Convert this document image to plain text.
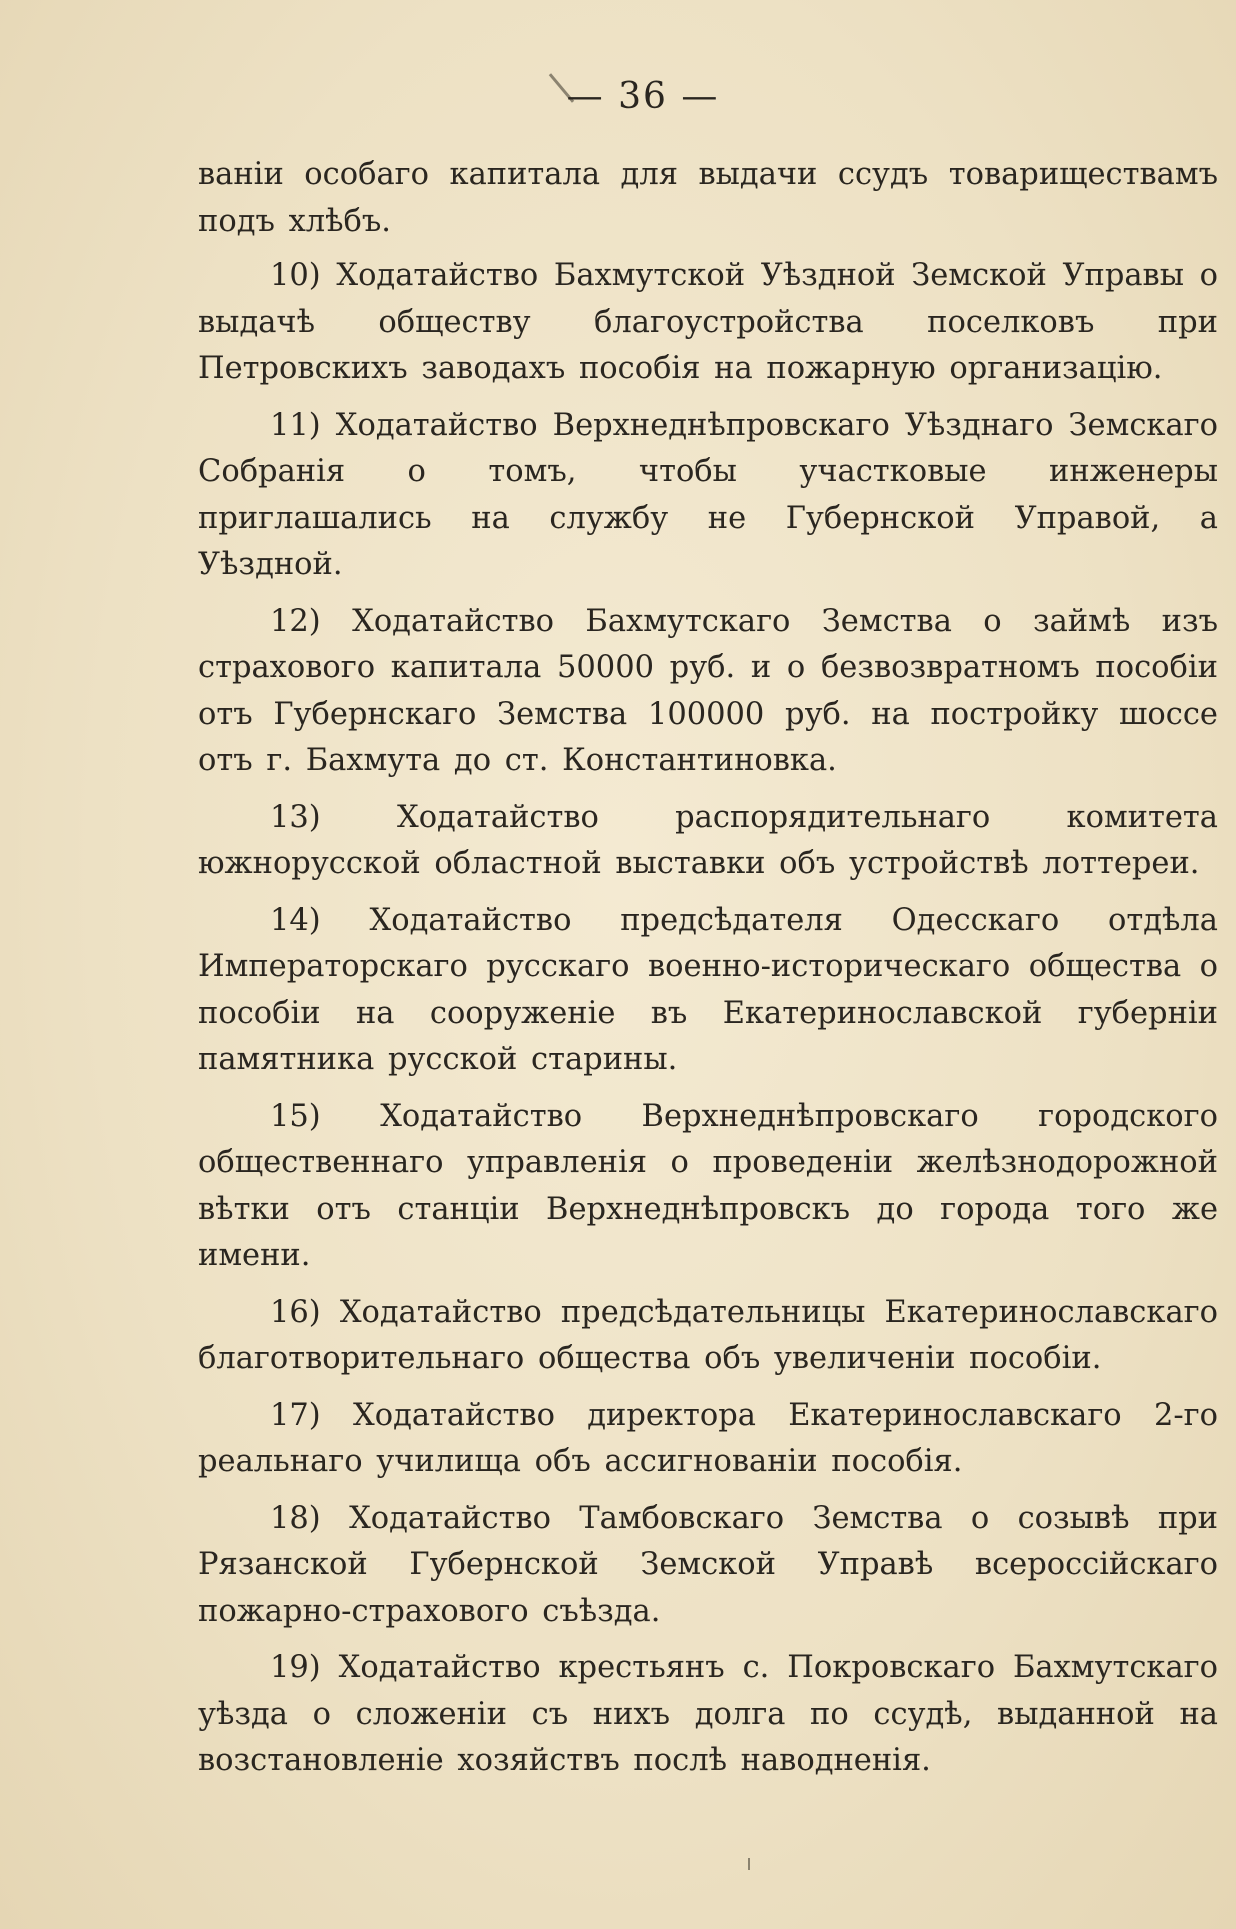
— 36 —

ваніи особаго капитала для выдачи ссудъ товариществамъ подъ хлѣбъ.

10) Ходатайство Бахмутской Уѣздной Земской Управы о выдачѣ обществу благоустройства поселковъ при Петровскихъ заводахъ пособія на пожарную организацію.

11) Ходатайство Верхнеднѣпровскаго Уѣзднаго Земскаго Собранія о томъ, чтобы участковые инженеры приглашались на службу не Губернской Управой, а Уѣздной.

12) Ходатайство Бахмутскаго Земства о займѣ изъ страхового капитала 50000 руб. и о безвозвратномъ пособіи отъ Губернскаго Земства 100000 руб. на постройку шоссе отъ г. Бахмута до ст. Константиновка.

13)	Ходатайство распорядительнаго комитета южнорусской областной выставки объ устройствѣ лоттереи.

14) Ходатайство предсѣдателя Одесскаго отдѣла Императорскаго русскаго военно-историческаго общества о пособіи на сооруженіе въ Екатеринославской губерніи памятника русской старины.

15) Ходатайство Верхнеднѣпровскаго городского общественнаго управленія о проведеніи желѣзнодорожной вѣтки отъ станціи Верхнеднѣпровскъ до города того же имени.

16) Ходатайство предсѣдательницы Екатеринославскаго благотворительнаго общества объ увеличеніи пособіи.

17) Ходатайство директора Екатеринославскаго 2-го реальнаго училища объ ассигнованіи пособія.

18) Ходатайство Тамбовскаго Земства о созывѣ при Рязанской Губернской Земской Управѣ всероссійскаго пожарно-страхового съѣзда.

19) Ходатайство крестьянъ с. Покровскаго Бахмутскаго уѣзда о сложеніи съ нихъ долга по ссудѣ, выданной на возстановленіе хозяйствъ послѣ наводненія.
